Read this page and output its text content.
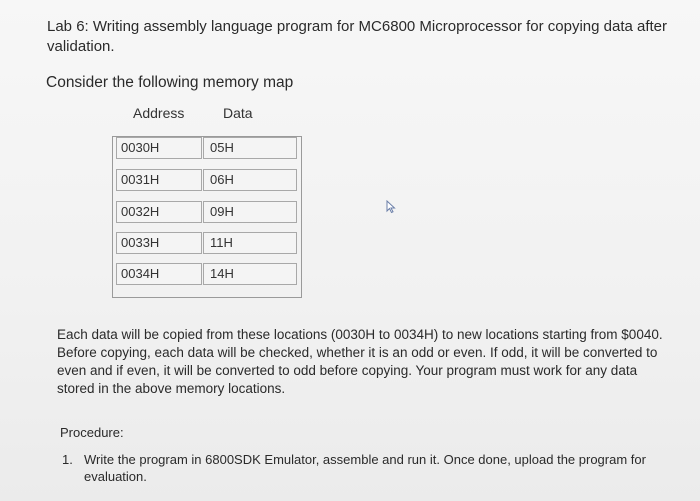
Lab 6: Writing assembly language program for MC6800 Microprocessor for copying data after validation.
Consider the following memory map
Address	Data
0030H	05H
0031H	06H
0032H	09H
0033H	11H
0034H	14H
Each data will be copied from these locations (0030H to 0034H) to new locations starting from $0040. Before copying, each data will be checked, whether it is an odd or even. If odd, it will be converted to even and if even, it will be converted to odd before copying. Your program must work for any data stored in the above memory locations.
Procedure:
1. Write the program in 6800SDK Emulator, assemble and run it. Once done, upload the program for evaluation.
